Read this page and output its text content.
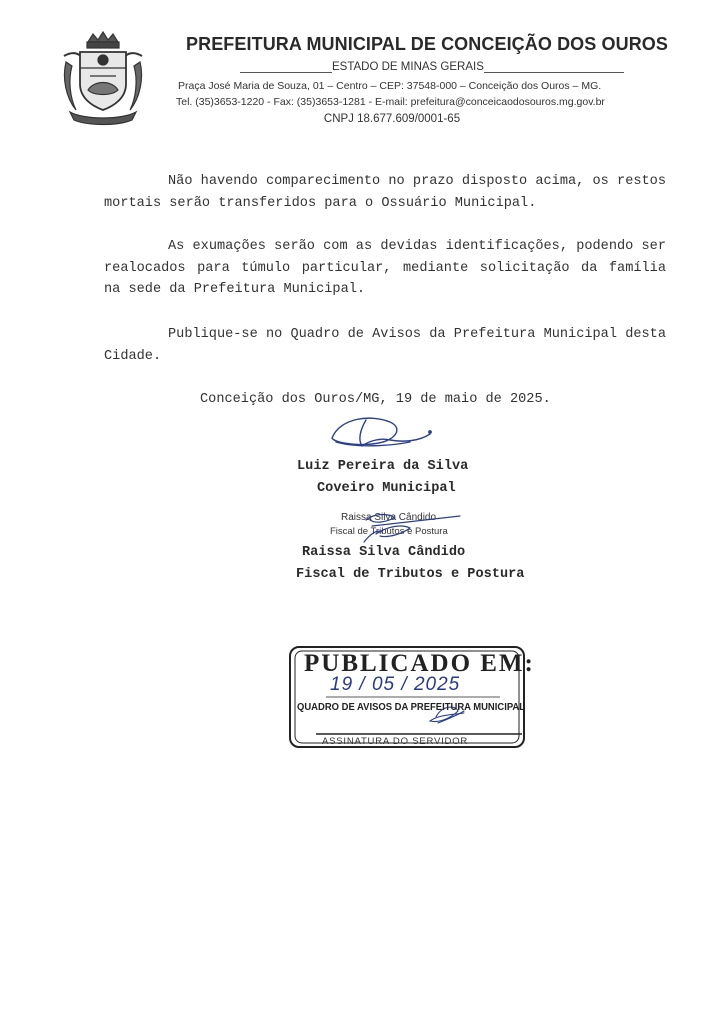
PREFEITURA MUNICIPAL DE CONCEIÇÃO DOS OUROS
ESTADO DE MINAS GERAIS
Praça José Maria de Souza, 01 – Centro – CEP: 37548-000 – Conceição dos Ouros – MG.
Tel. (35)3653-1220 - Fax: (35)3653-1281 - E-mail: prefeitura@conceicaodosouros.mg.gov.br
CNPJ 18.677.609/0001-65
Não havendo comparecimento no prazo disposto acima, os restos mortais serão transferidos para o Ossuário Municipal.
As exumações serão com as devidas identificações, podendo ser realocados para túmulo particular, mediante solicitação da família na sede da Prefeitura Municipal.
Publique-se no Quadro de Avisos da Prefeitura Municipal desta Cidade.
Conceição dos Ouros/MG, 19 de maio de 2025.
Luiz Pereira da Silva
Coveiro Municipal
Raissa Silva Cândido
Fiscal de Tributos e Postura
Raissa Silva Cândido
Fiscal de Tributos e Postura
PUBLICADO EM:
19 / 05 / 2025
QUADRO DE AVISOS DA PREFEITURA MUNICIPAL
ASSINATURA DO SERVIDOR
